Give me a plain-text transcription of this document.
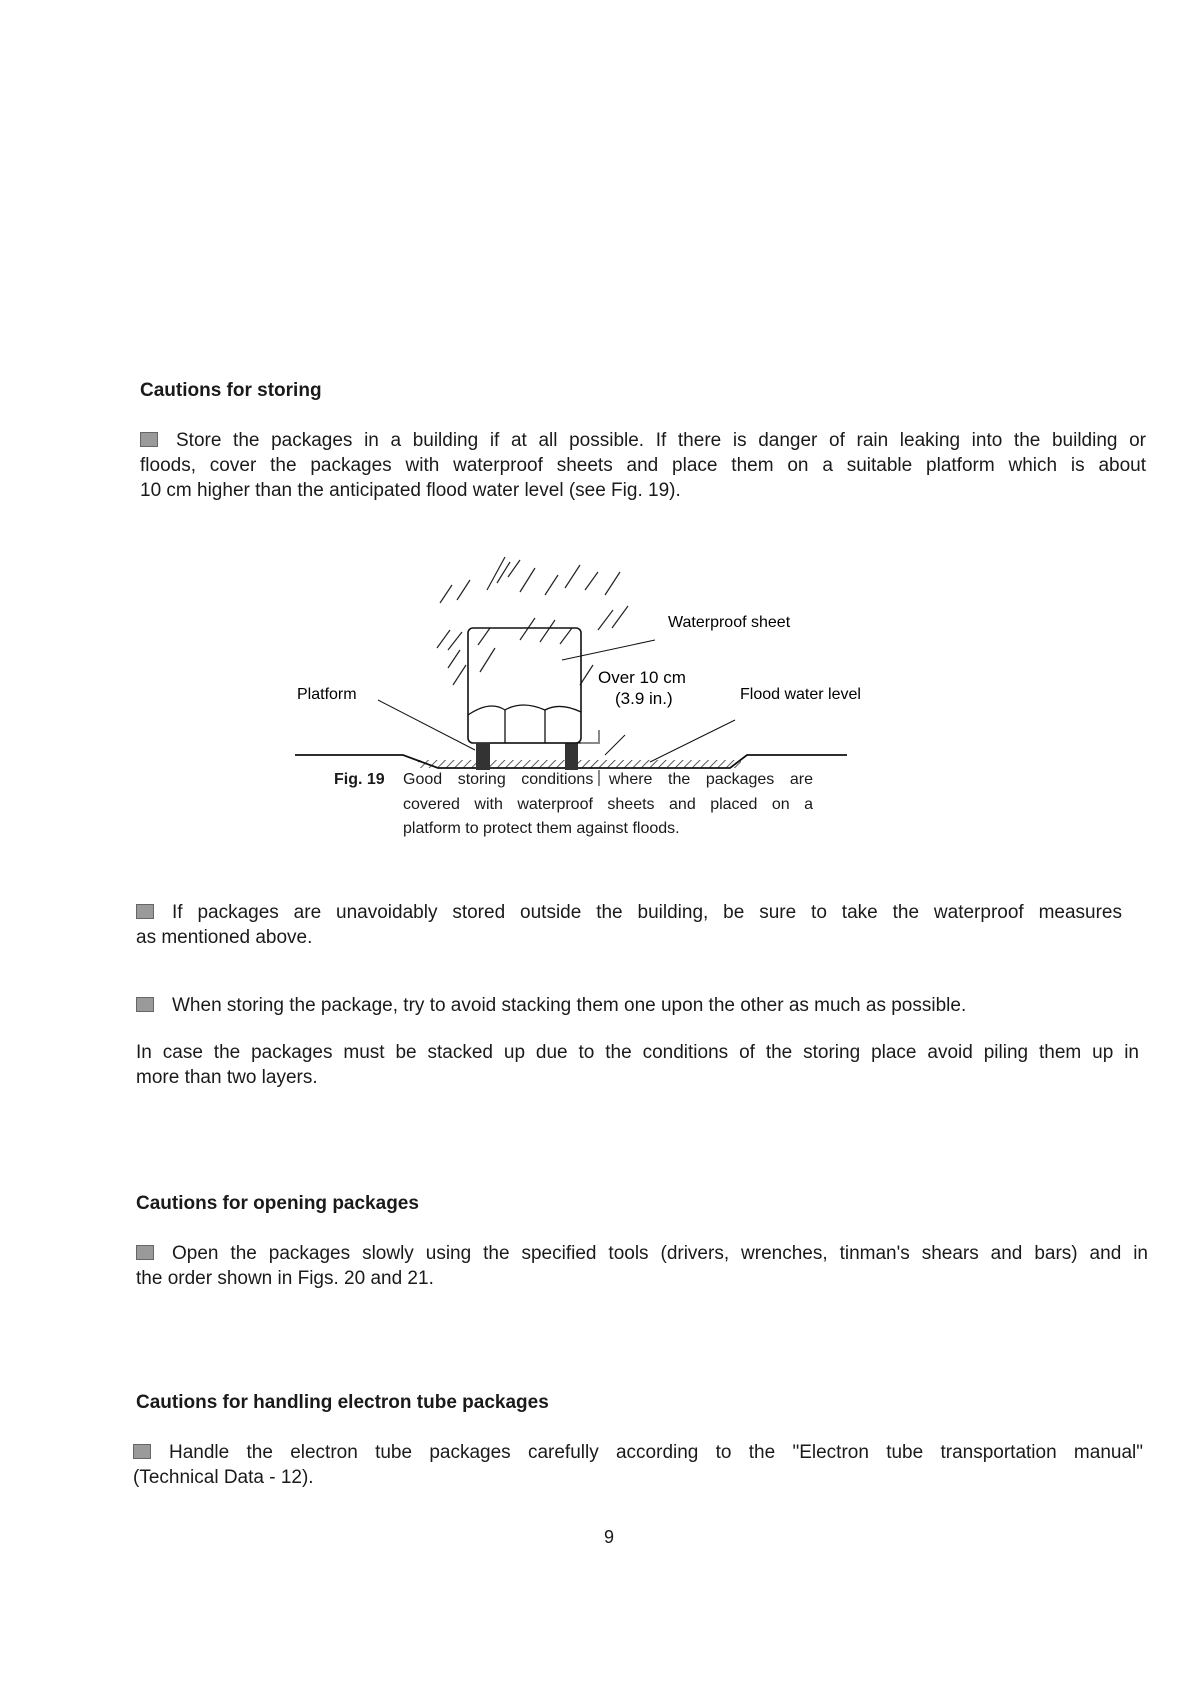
Cautions for storing
Store the packages in a building if at all possible. If there is danger of rain leaking into the building or
floods, cover the packages with waterproof sheets and place them on a suitable platform which is about
10 cm higher than the anticipated flood water level (see Fig. 19).
Platform
Waterproof sheet
Over 10 cm
(3.9 in.)	Flood water level
Fig. 19 Good storing conditions where the packages are
covered with waterproof sheets and placed on a
platform to protect them against floods.
If packages are unavoidably stored outside the building, be sure to take the waterproof measures
as mentioned above.
When storing the package, try to avoid stacking them one upon the other as much as possible.
In case the packages must be stacked up due to the conditions of the storing place avoid piling them up in
more than two layers.
Cautions for opening packages
Open the packages slowly using the specified tools (drivers, wrenches, tinman's shears and bars) and in
the order shown in Figs. 20 and 21.
Cautions for handling electron tube packages
Handle the electron tube packages carefully according to the "Electron tube transportation manual"
(Technical Data - 12).
9
